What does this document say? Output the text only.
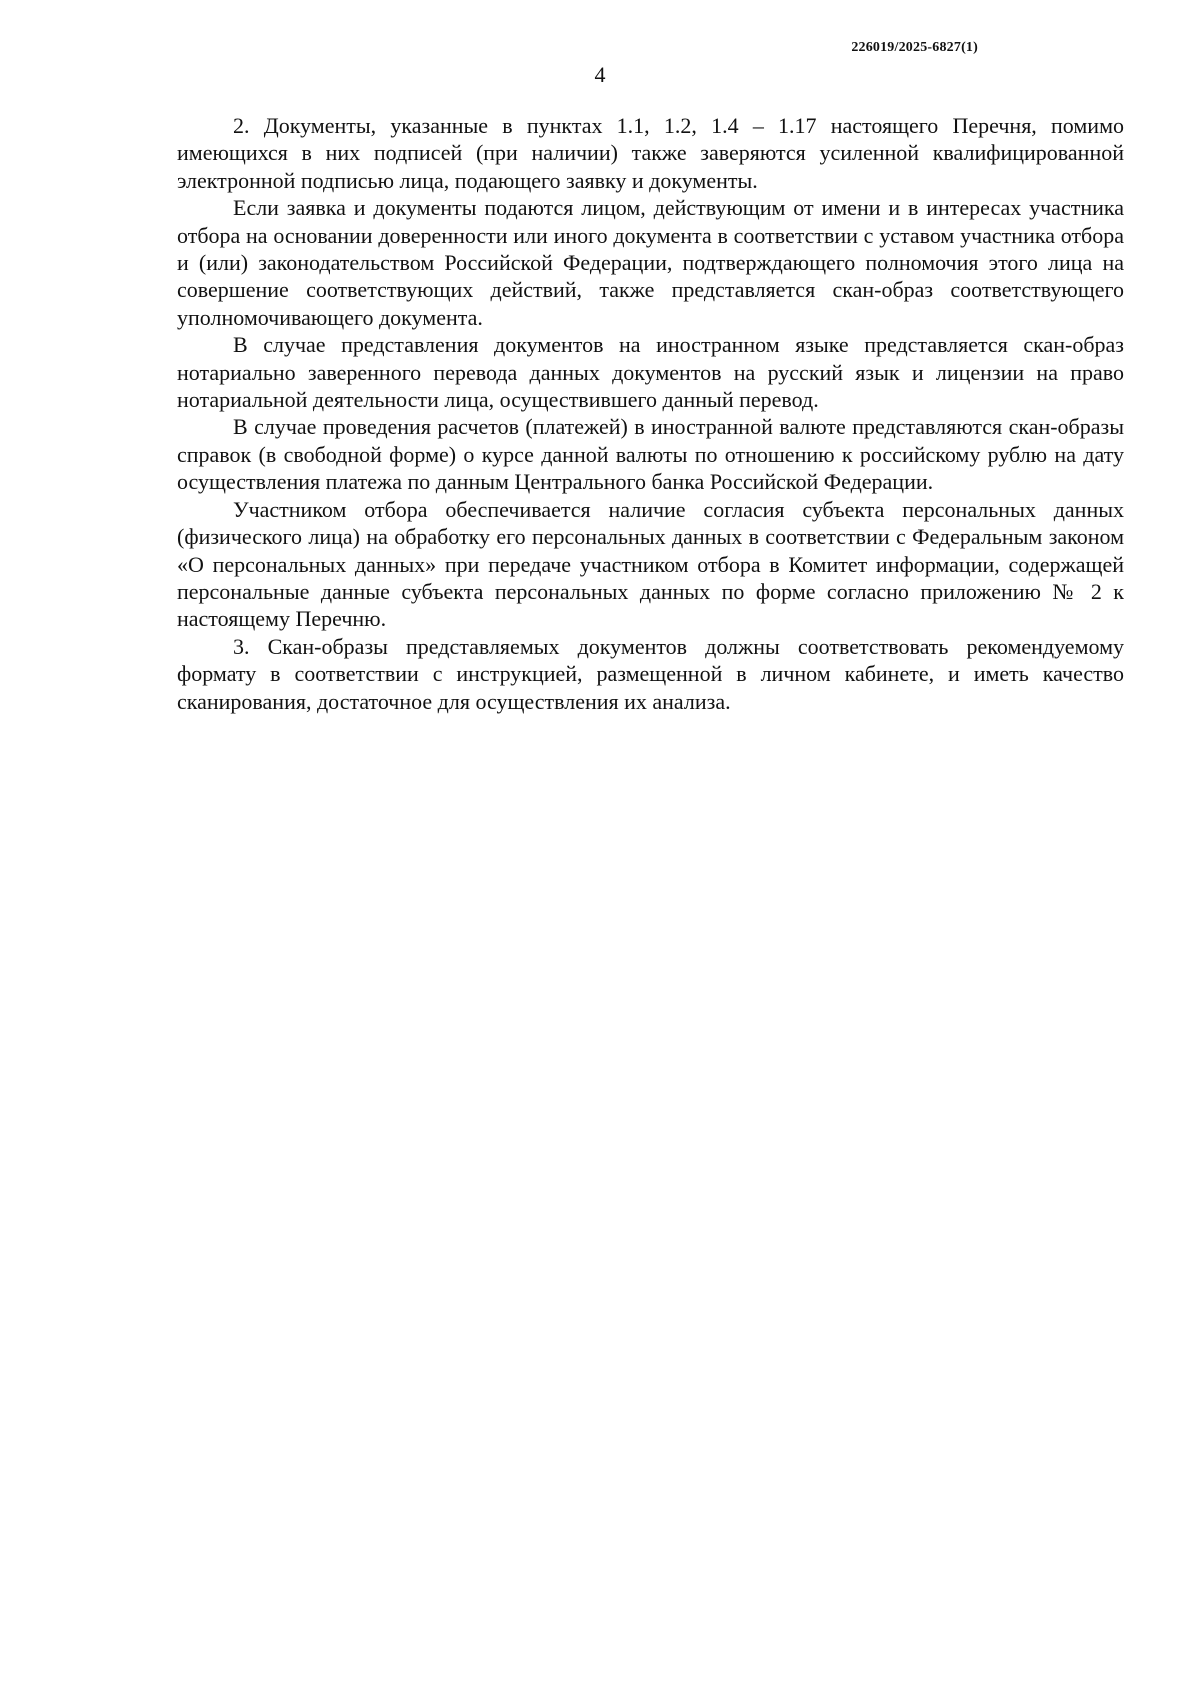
226019/2025-6827(1)
4

2. Документы, указанные в пунктах 1.1, 1.2, 1.4 – 1.17 настоящего Перечня, помимо имеющихся в них подписей (при наличии) также заверяются усиленной квалифицированной электронной подписью лица, подающего заявку и документы.

Если заявка и документы подаются лицом, действующим от имени и в интересах участника отбора на основании доверенности или иного документа в соответствии с уставом участника отбора и (или) законодательством Российской Федерации, подтверждающего полномочия этого лица на совершение соответствующих действий, также представляется скан-образ соответствующего уполномочивающего документа.

В случае представления документов на иностранном языке представляется скан-образ нотариально заверенного перевода данных документов на русский язык и лицензии на право нотариальной деятельности лица, осуществившего данный перевод.

В случае проведения расчетов (платежей) в иностранной валюте представляются скан-образы справок (в свободной форме) о курсе данной валюты по отношению к российскому рублю на дату осуществления платежа по данным Центрального банка Российской Федерации.

Участником отбора обеспечивается наличие согласия субъекта персональных данных (физического лица) на обработку его персональных данных в соответствии с Федеральным законом «О персональных данных» при передаче участником отбора в Комитет информации, содержащей персональные данные субъекта персональных данных по форме согласно приложению № 2 к настоящему Перечню.

3. Скан-образы представляемых документов должны соответствовать рекомендуемому формату в соответствии с инструкцией, размещенной в личном кабинете, и иметь качество сканирования, достаточное для осуществления их анализа.
